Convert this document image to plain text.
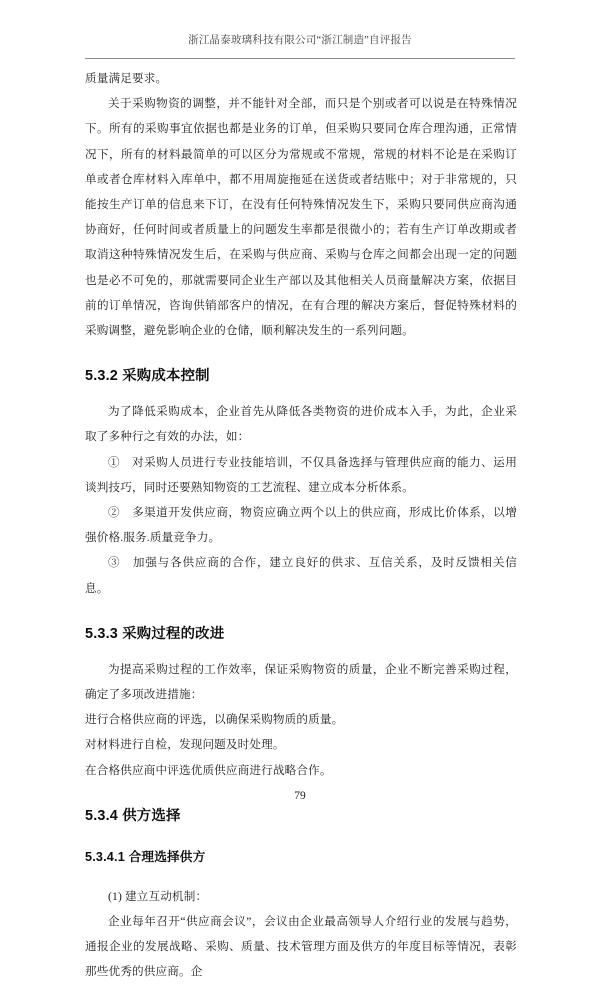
浙江晶泰玻璃科技有限公司“浙江制造”自评报告

质量满足要求。

关于采购物资的调整，并不能针对全部，而只是个别或者可以说是在特殊情况下。所有的采购事宜依据也都是业务的订单，但采购只要同仓库合理沟通，正常情况下，所有的材料最简单的可以区分为常规或不常规，常规的材料不论是在采购订单或者仓库材料入库单中，都不用周旋拖延在送货或者结账中；对于非常规的，只能按生产订单的信息来下订，在没有任何特殊情况发生下，采购只要同供应商沟通协商好，任何时间或者质量上的问题发生率都是很微小的；若有生产订单改期或者取消这种特殊情况发生后，在采购与供应商、采购与仓库之间都会出现一定的问题也是必不可免的，那就需要同企业生产部以及其他相关人员商量解决方案，依据目前的订单情况，咨询供销部客户的情况，在有合理的解决方案后，督促特殊材料的采购调整，避免影响企业的仓储，顺利解决发生的一系列问题。

5.3.2 采购成本控制

为了降低采购成本，企业首先从降低各类物资的进价成本入手，为此，企业采取了多种行之有效的办法，如：

①　对采购人员进行专业技能培训，不仅具备选择与管理供应商的能力、运用谈判技巧，同时还要熟知物资的工艺流程、建立成本分析体系。

②　多渠道开发供应商，物资应确立两个以上的供应商，形成比价体系，以增强价格.服务.质量竞争力。

③　加强与各供应商的合作，建立良好的供求、互信关系，及时反馈相关信息。

5.3.3 采购过程的改进

为提高采购过程的工作效率，保证采购物资的质量，企业不断完善采购过程，确定了多项改进措施：

进行合格供应商的评选，以确保采购物质的质量。

对材料进行自检，发现问题及时处理。

在合格供应商中评选优质供应商进行战略合作。

5.3.4 供方选择
5.3.4.1 合理选择供方

(1) 建立互动机制：

企业每年召开“供应商会议”，会议由企业最高领导人介绍行业的发展与趋势，通报企业的发展战略、采购、质量、技术管理方面及供方的年度目标等情况，表彰那些优秀的供应商。企

79
